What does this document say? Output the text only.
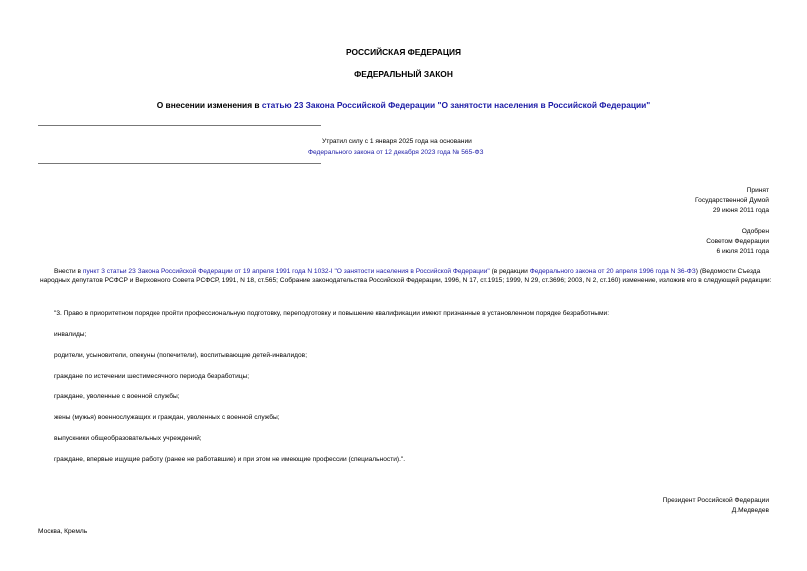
РОССИЙСКАЯ ФЕДЕРАЦИЯ
ФЕДЕРАЛЬНЫЙ ЗАКОН
О внесении изменения в статью 23 Закона Российской Федерации "О занятости населения в Российской Федерации"
Утратил силу с 1 января 2025 года на основании
Федерального закона от 12 декабря 2023 года № 565-ФЗ
Принят
Государственной Думой
29 июня 2011 года
Одобрен
Советом Федерации
6 июля 2011 года
Внести в пункт 3 статьи 23 Закона Российской Федерации от 19 апреля 1991 года N 1032-I "О занятости населения в Российской Федерации" (в редакции Федерального закона от 20 апреля 1996 года N 36-ФЗ) (Ведомости Съезда народных депутатов РСФСР и Верховного Совета РСФСР, 1991, N 18, ст.565; Собрание законодательства Российской Федерации, 1996, N 17, ст.1915; 1999, N 29, ст.3696; 2003, N 2, ст.160) изменение, изложив его в следующей редакции:
"3. Право в приоритетном порядке пройти профессиональную подготовку, переподготовку и повышение квалификации имеют признанные в установленном порядке безработными:
инвалиды;
родители, усыновители, опекуны (попечители), воспитывающие детей-инвалидов;
граждане по истечении шестимесячного периода безработицы;
граждане, уволенные с военной службы;
жены (мужья) военнослужащих и граждан, уволенных с военной службы;
выпускники общеобразовательных учреждений;
граждане, впервые ищущие работу (ранее не работавшие) и при этом не имеющие профессии (специальности).".
Президент Российской Федерации
Д.Медведев
Москва, Кремль
